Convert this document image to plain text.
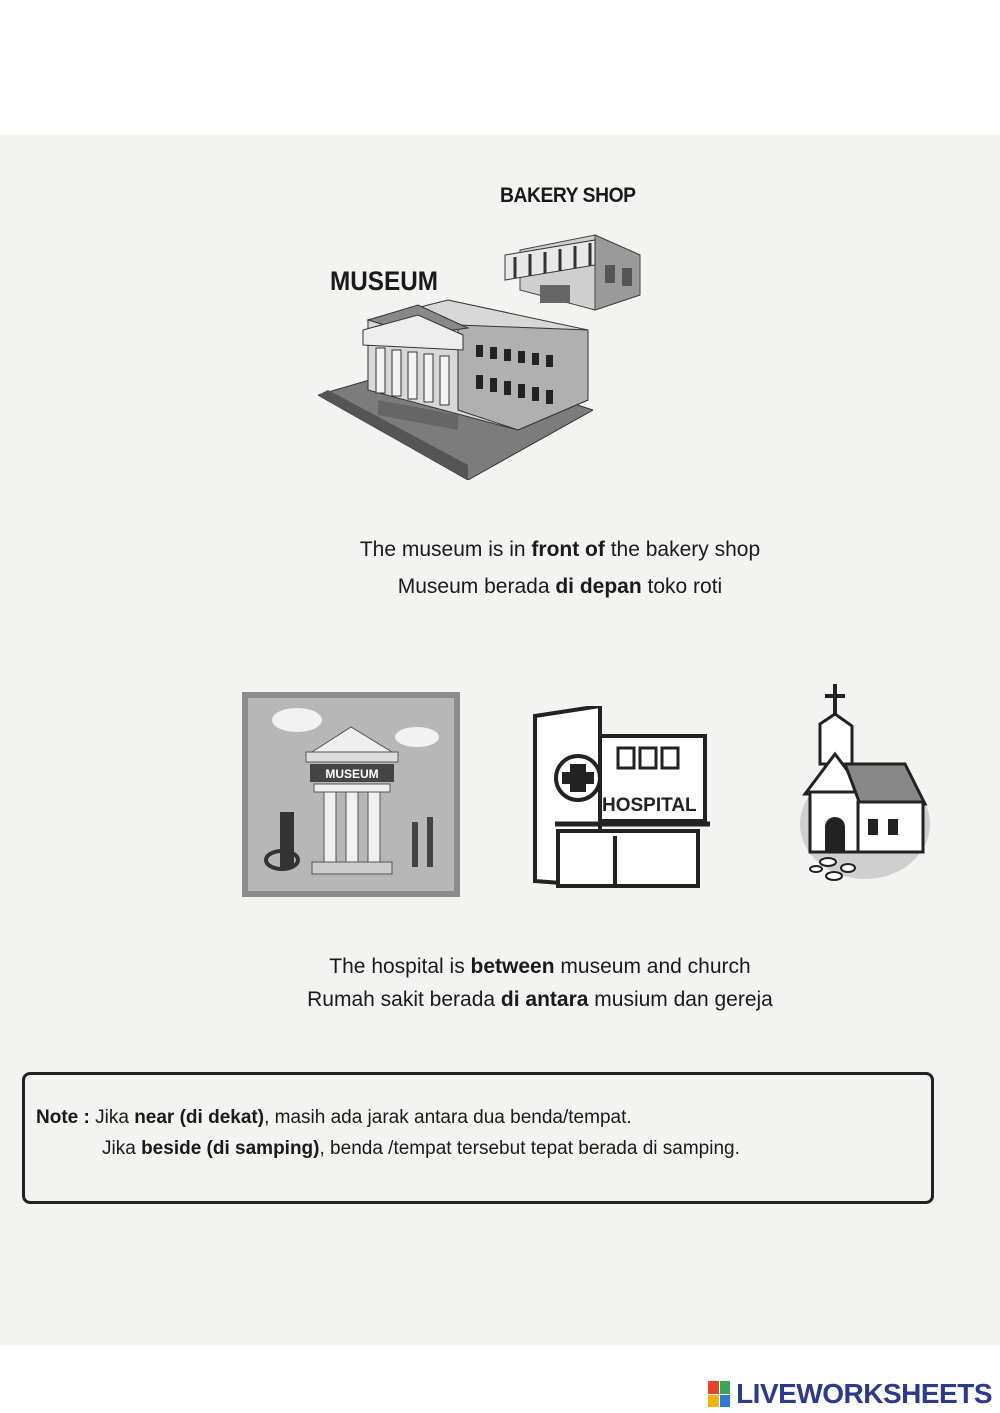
BAKERY SHOP
MUSEUM
The museum is in front of the bakery shop
Museum berada di depan toko roti
MUSEUM
HOSPITAL
The hospital is between museum and church
Rumah sakit berada di antara musium dan gereja
Note : Jika near (di dekat), masih ada jarak antara dua benda/tempat.
Jika beside (di samping), benda /tempat tersebut tepat berada di samping.
LIVEWORKSHEETS
